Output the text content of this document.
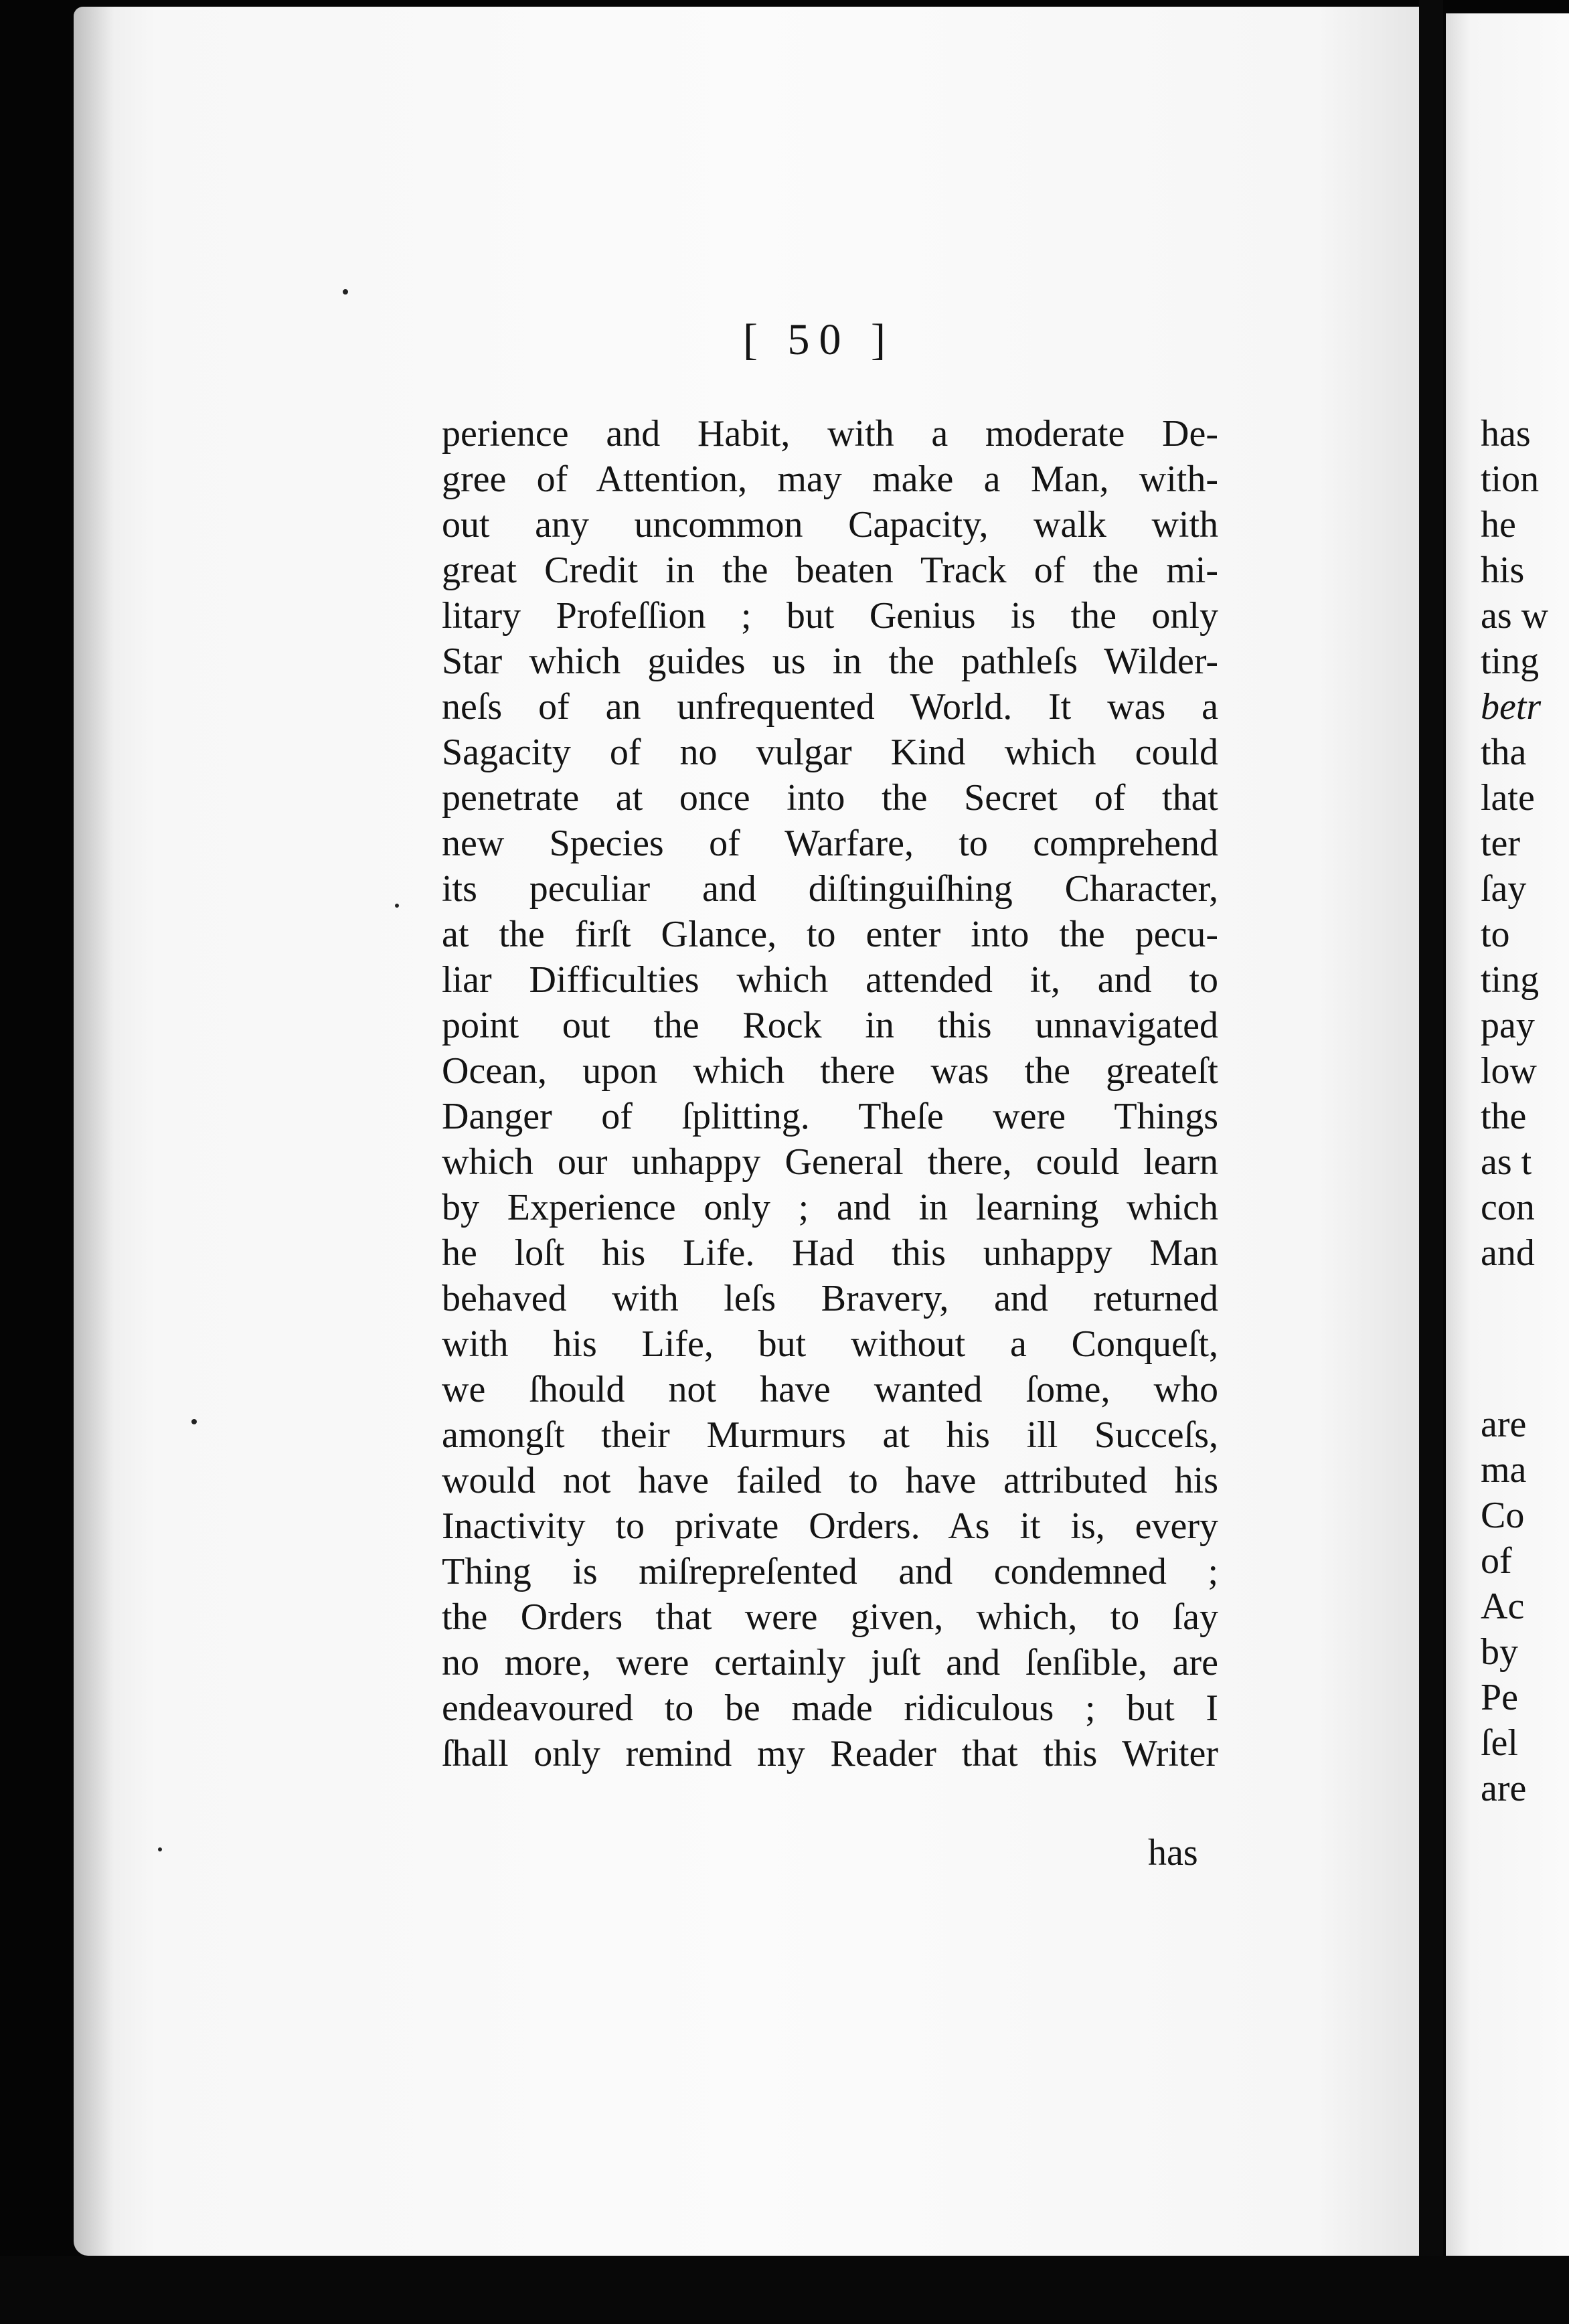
[ 50 ]
perience and Habit, with a moderate De-
gree of Attention, may make a Man, with-
out any uncommon Capacity, walk with
great Credit in the beaten Track of the mi-
litary Profeſſion ; but Genius is the only
Star which guides us in the pathleſs Wilder-
neſs of an unfrequented World. It was a
Sagacity of no vulgar Kind which could
penetrate at once into the Secret of that
new Species of Warfare, to comprehend
its peculiar and diſtinguiſhing Character,
at the firſt Glance, to enter into the pecu-
liar Difficulties which attended it, and to
point out the Rock in this unnavigated
Ocean, upon which there was the greateſt
Danger of ſplitting. Theſe were Things
which our unhappy General there, could learn
by Experience only ; and in learning which
he loſt his Life. Had this unhappy Man
behaved with leſs Bravery, and returned
with his Life, but without a Conqueſt,
we ſhould not have wanted ſome, who
amongſt their Murmurs at his ill Succeſs,
would not have failed to have attributed his
Inactivity to private Orders. As it is, every
Thing is miſrepreſented and condemned ;
the Orders that were given, which, to ſay
no more, were certainly juſt and ſenſible, are
endeavoured to be made ridiculous ; but I
ſhall only remind my Reader that this Writer
has
has
tion
he
his
as w
ting
betr
tha
late
ter
ſay
to
ting
pay
low
the
as t
con
and
are
ma
Co
of
Ac
by
Pe
ſel
are
